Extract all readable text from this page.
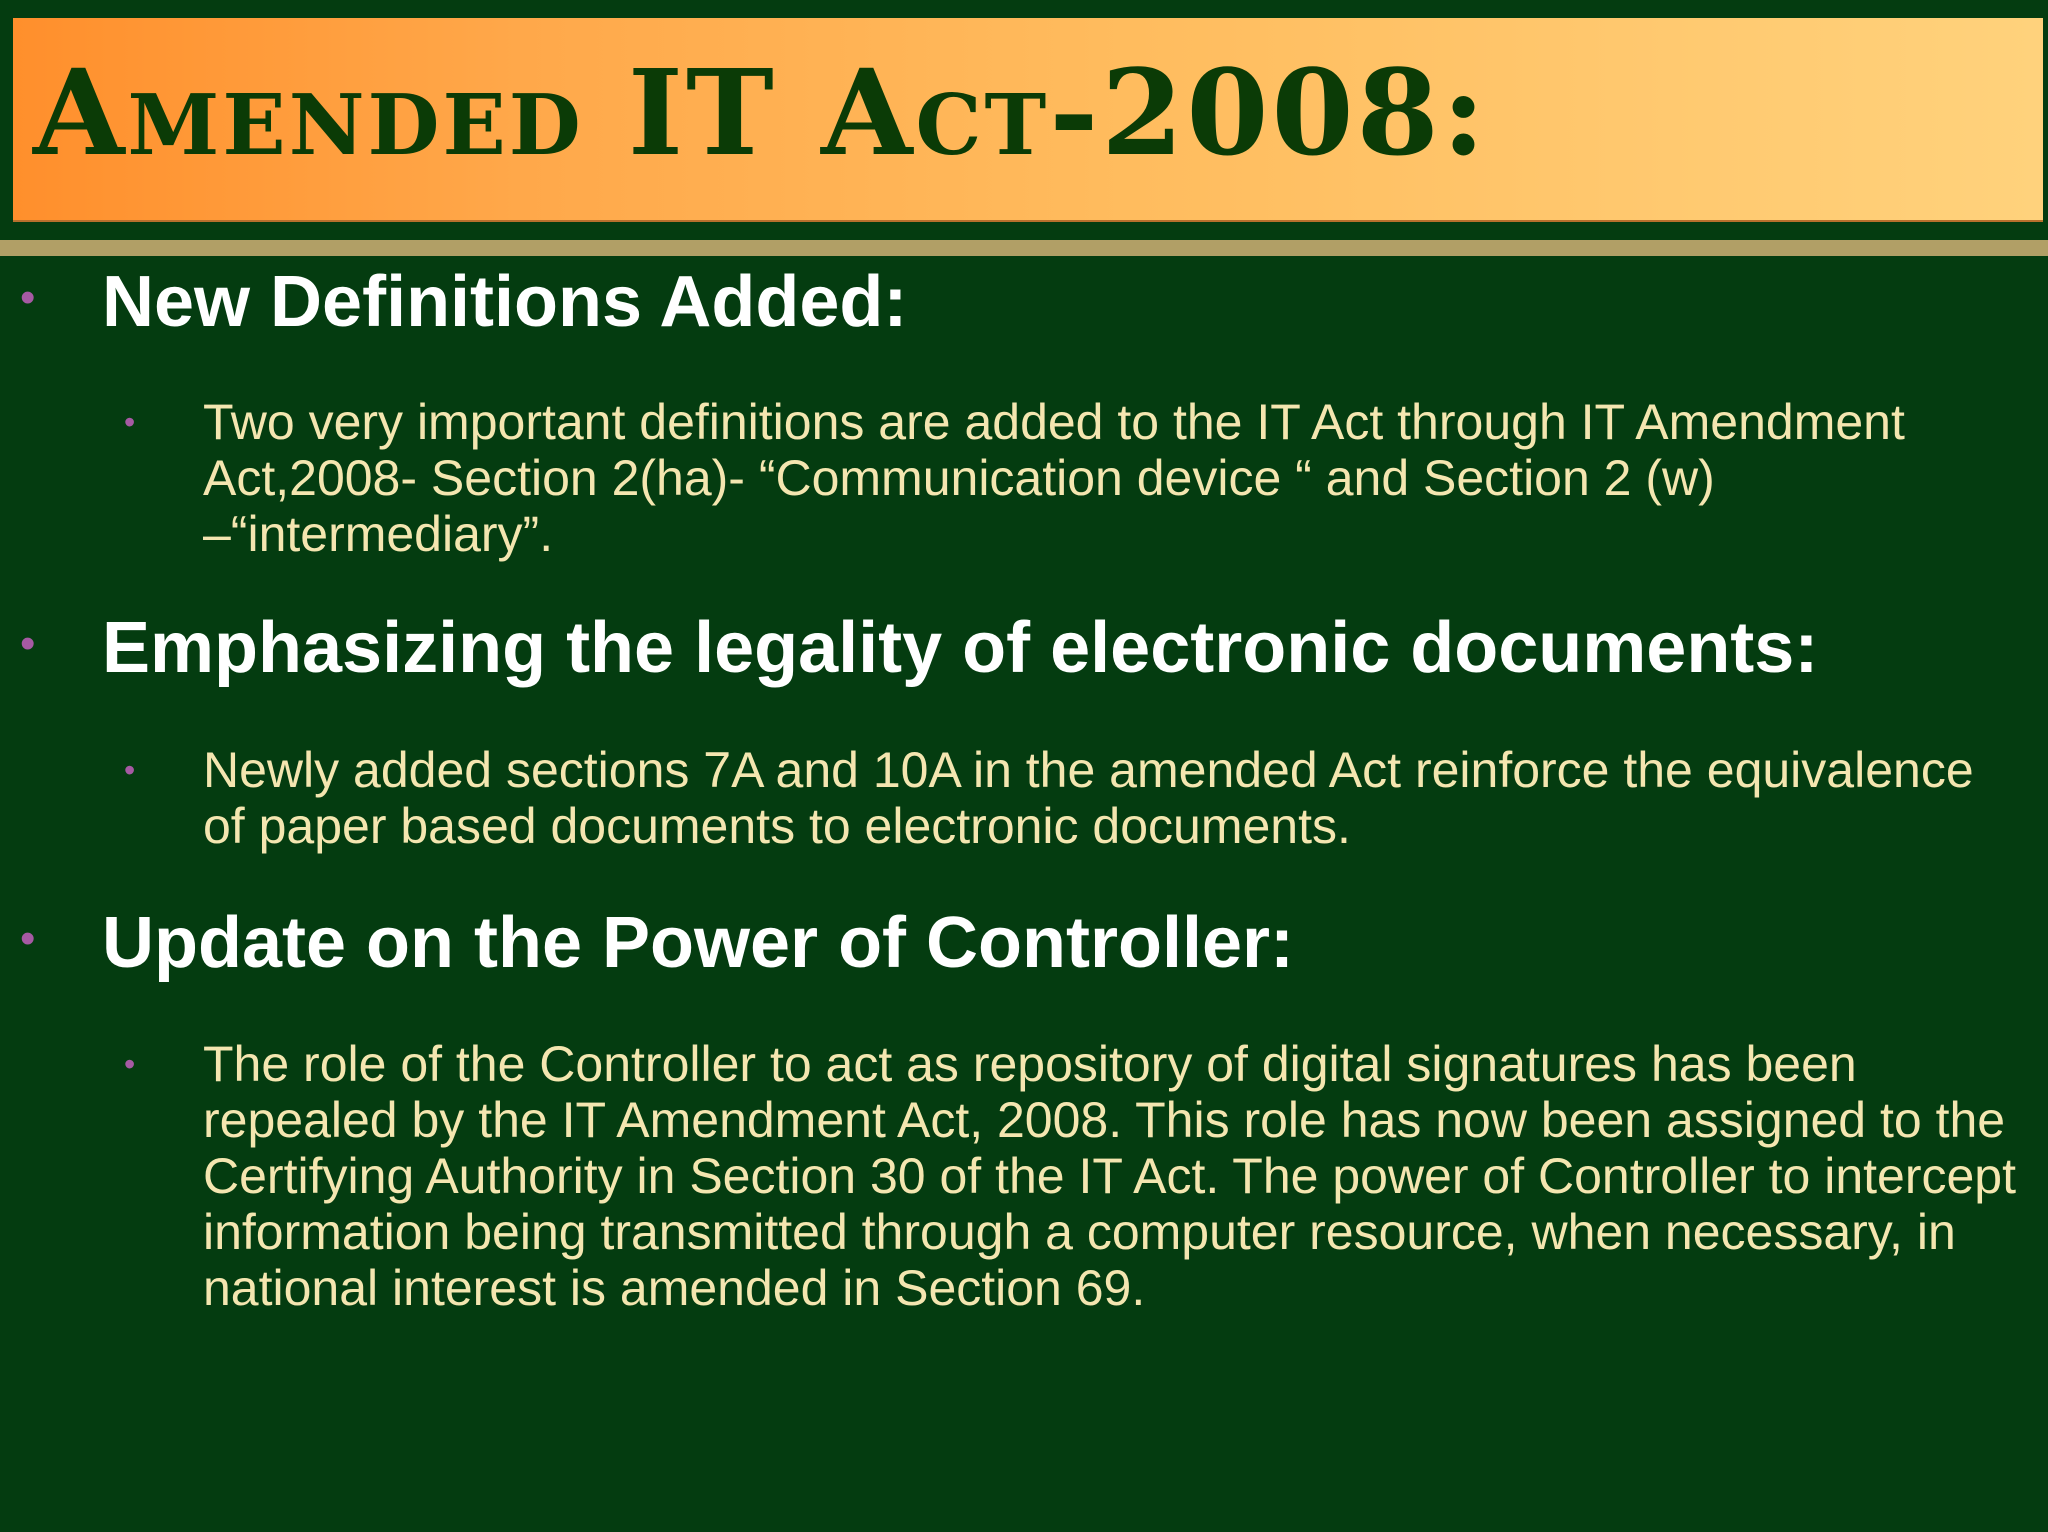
Amended IT Act-2008:
• New Definitions Added:
• Two very important definitions are added to the IT Act through IT Amendment Act,2008- Section 2(ha)- “Communication device “ and Section 2 (w) –“intermediary”.

• Emphasizing the legality of electronic documents:
• Newly added sections 7A and 10A in the amended Act reinforce the equivalence of paper based documents to electronic documents.

• Update on the Power of Controller:
• The role of the Controller to act as repository of digital signatures has been repealed by the IT Amendment Act, 2008. This role has now been assigned to the Certifying Authority in Section 30 of the IT Act. The power of Controller to intercept information being transmitted through a computer resource, when necessary, in national interest is amended in Section 69.
